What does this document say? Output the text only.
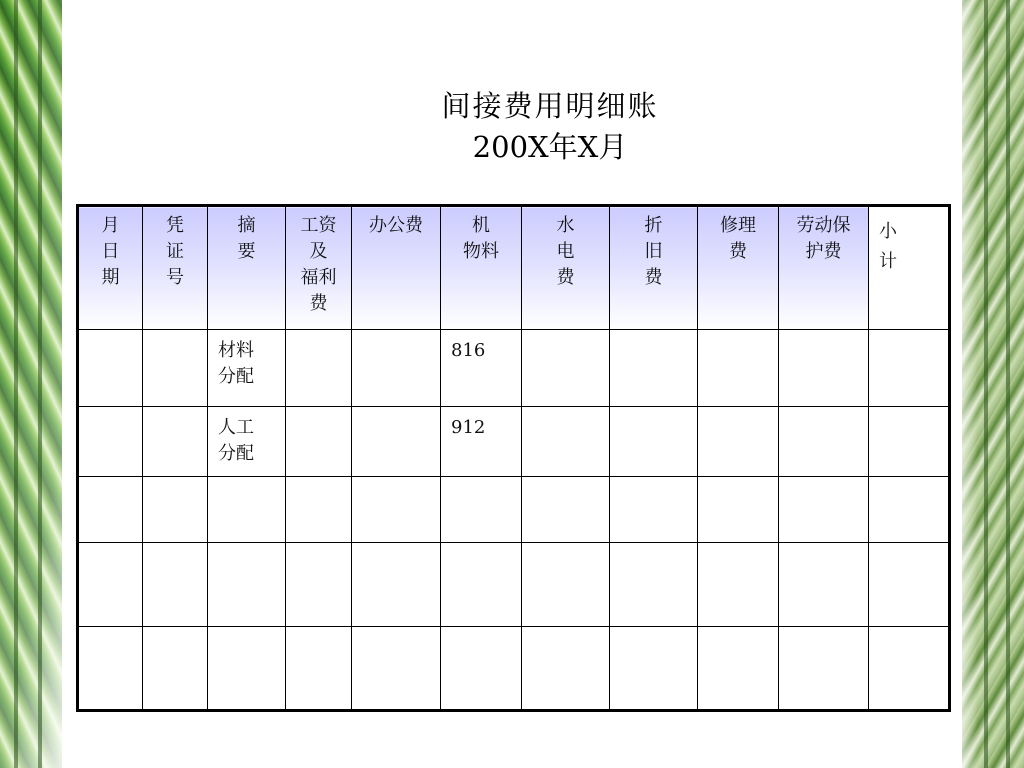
间接费用明细账
200X年X月
月
日
期	凭
证
号	摘
要	工资
及
福利
费	办公费	机
物料	水
电
费	折
旧
费	修理
费	劳动保
护费	小
计
		材料
分配			816					
		人工
分配			912					
